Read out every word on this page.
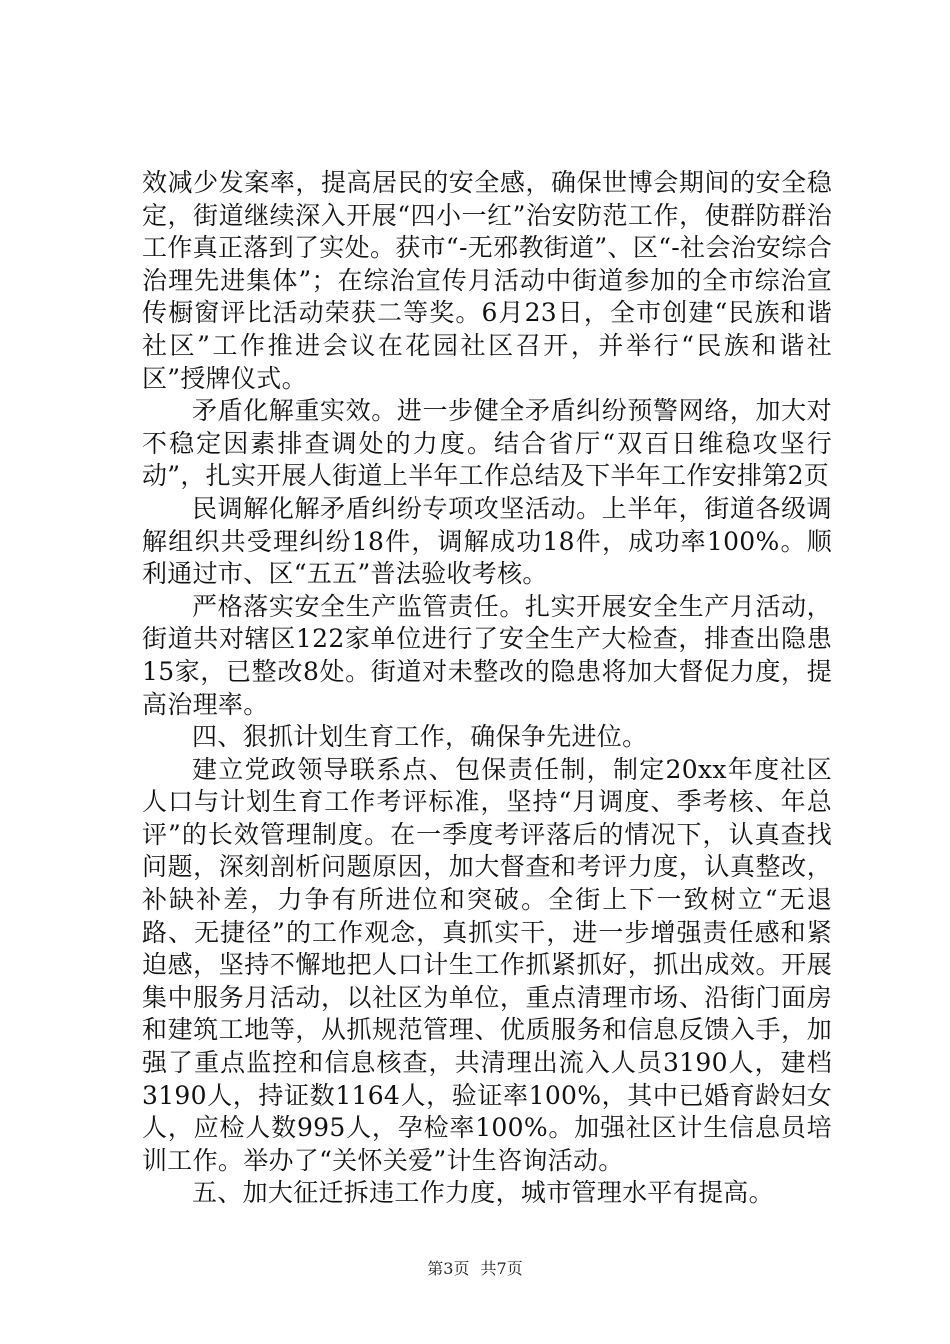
效减少发案率，提高居民的安全感，确保世博会期间的安全稳定，街道继续深入开展“四小一红”治安防范工作，使群防群治工作真正落到了实处。获市“-无邪教街道”、区“-社会治安综合治理先进集体”；在综治宣传月活动中街道参加的全市综治宣传橱窗评比活动荣获二等奖。6月23日，全市创建“民族和谐社区”工作推进会议在花园社区召开，并举行“民族和谐社区”授牌仪式。

矛盾化解重实效。进一步健全矛盾纠纷预警网络，加大对不稳定因素排查调处的力度。结合省厅“双百日维稳攻坚行动”，扎实开展人街道上半年工作总结及下半年工作安排第2页

民调解化解矛盾纠纷专项攻坚活动。上半年，街道各级调解组织共受理纠纷18件，调解成功18件，成功率100%。顺利通过市、区“五五”普法验收考核。

严格落实安全生产监管责任。扎实开展安全生产月活动，街道共对辖区122家单位进行了安全生产大检查，排查出隐患15家，已整改8处。街道对未整改的隐患将加大督促力度，提高治理率。

四、狠抓计划生育工作，确保争先进位。

建立党政领导联系点、包保责任制，制定20xx年度社区人口与计划生育工作考评标准，坚持“月调度、季考核、年总评”的长效管理制度。在一季度考评落后的情况下，认真查找问题，深刻剖析问题原因，加大督查和考评力度，认真整改，补缺补差，力争有所进位和突破。全街上下一致树立“无退路、无捷径”的工作观念，真抓实干，进一步增强责任感和紧迫感，坚持不懈地把人口计生工作抓紧抓好，抓出成效。开展集中服务月活动，以社区为单位，重点清理市场、沿街门面房和建筑工地等，从抓规范管理、优质服务和信息反馈入手，加强了重点监控和信息核查，共清理出流入人员3190人，建档3190人，持证数1164人，验证率100%，其中已婚育龄妇女人，应检人数995人，孕检率100%。加强社区计生信息员培训工作。举办了“关怀关爱”计生咨询活动。

五、加大征迁拆违工作力度，城市管理水平有提高。

第3页 共7页
